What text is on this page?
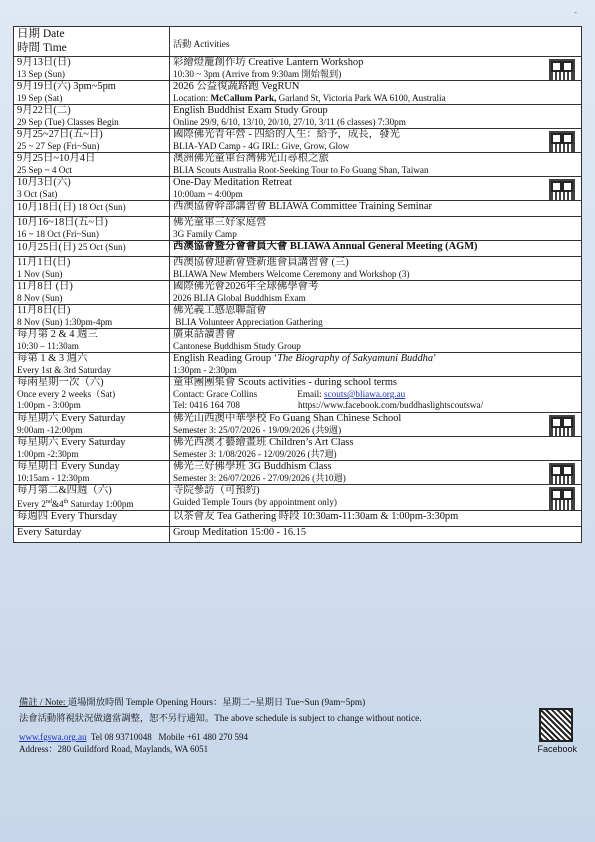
-
日期 Date
時間 Time	活動 Activities

9月13日(日)
13 Sep (Sun)	彩繪燈籠創作坊 Creative Lantern Workshop
10:30 ~ 3pm (Arrive from 9:30am 開始報到)

9月19日(六) 3pm~5pm
19 Sep (Sat)	2026 公益復蔬路跑 VegRUN
Location: McCallum Park, Garland St, Victoria Park WA 6100, Australia

9月22日(二)
29 Sep (Tue) Classes Begin	English Buddhist Exam Study Group
Online 29/9, 6/10, 13/10, 20/10, 27/10, 3/11 (6 classes) 7:30pm

9月25~27日(五~日)
25 ~ 27 Sep (Fri~Sun)	國際佛光青年營 - 四給的人生：給予，成長，發光
BLIA-YAD Camp - 4G IRL: Give, Grow, Glow

9月25日~10月4日
25 Sep ~ 4 Oct	澳洲佛光童軍台灣佛光山尋根之旅
BLIA Scouts Australia Root-Seeking Tour to Fo Guang Shan, Taiwan

10月3日(六)
3 Oct (Sat)	One-Day Meditation Retreat
10:00am ~ 4:00pm

10月18日(日) 18 Oct (Sun)	西澳協會幹部講習會 BLIAWA Committee Training Seminar

10月16~18日(五~日)
16 ~ 18 Oct (Fri~Sun)	佛光童軍三好家庭營
3G Family Camp

10月25日(日) 25 Oct (Sun)	西澳協會暨分會會員大會 BLIAWA Annual General Meeting (AGM)

11月1日(日)
1 Nov (Sun)	西澳協會迎新會暨新進會員講習會 (三)
BLIAWA New Members Welcome Ceremony and Workshop (3)

11月8日 (日)
8 Nov (Sun)	國際佛光會2026年全球佛學會考
2026 BLIA Global Buddhism Exam

11月8日(日)
8 Nov (Sun) 1:30pm-4pm	佛光義工感恩聯誼會
BLIA Volunteer Appreciation Gathering

每月第 2 & 4 週三
10:30 – 11:30am	廣東話讀書會
Cantonese Buddhism Study Group

每第 1 & 3 週六
Every 1st & 3rd Saturday	English Reading Group ‘The Biography of Sakyamuni Buddha’
1:30pm - 2:30pm

每兩星期一次（六)
Once every 2 weeks（Sat)
1:00pm - 3:00pm	童軍團團集會 Scouts activities - during school terms
Contact: Grace Collins Email: scouts@bliawa.org.au
Tel: 0416 164 708 https://www.facebook.com/buddhaslightscoutswa/

每星期六 Every Saturday
9:00am -12:00pm	佛光山西澳中華學校 Fo Guang Shan Chinese School
Semester 3: 25/07/2026 - 19/09/2026 (共9週)

每星期六 Every Saturday
1:00pm -2:30pm	佛光西澳才藝繪畫班 Children’s Art Class
Semester 3: 1/08/2026 - 12/09/2026 (共7週)

每星期日 Every Sunday
10:15am - 12:30pm	佛光三好佛學班 3G Buddhism Class
Semester 3: 26/07/2026 - 27/09/2026 (共10週)

每月第二&四週（六)
Every 2nd&4th Saturday 1:00pm	寺院參訪（可預約)
Guided Temple Tours (by appointment only)

每週四 Every Thursday	以茶會友 Tea Gathering 時段 10:30am-11:30am & 1:00pm-3:30pm

Every Saturday	Group Meditation 15:00 - 16.15
備註 / Note: 道場開放時間 Temple Opening Hours：星期二~星期日 Tue~Sun (9am~5pm)
法會活動將視狀況做適當調整，恕不另行通知。The above schedule is subject to change without notice.
www.fgswa.org.au  Tel 08 93710048   Mobile +61 480 270 594
Address：280 Guildford Road, Maylands, WA 6051	Facebook
